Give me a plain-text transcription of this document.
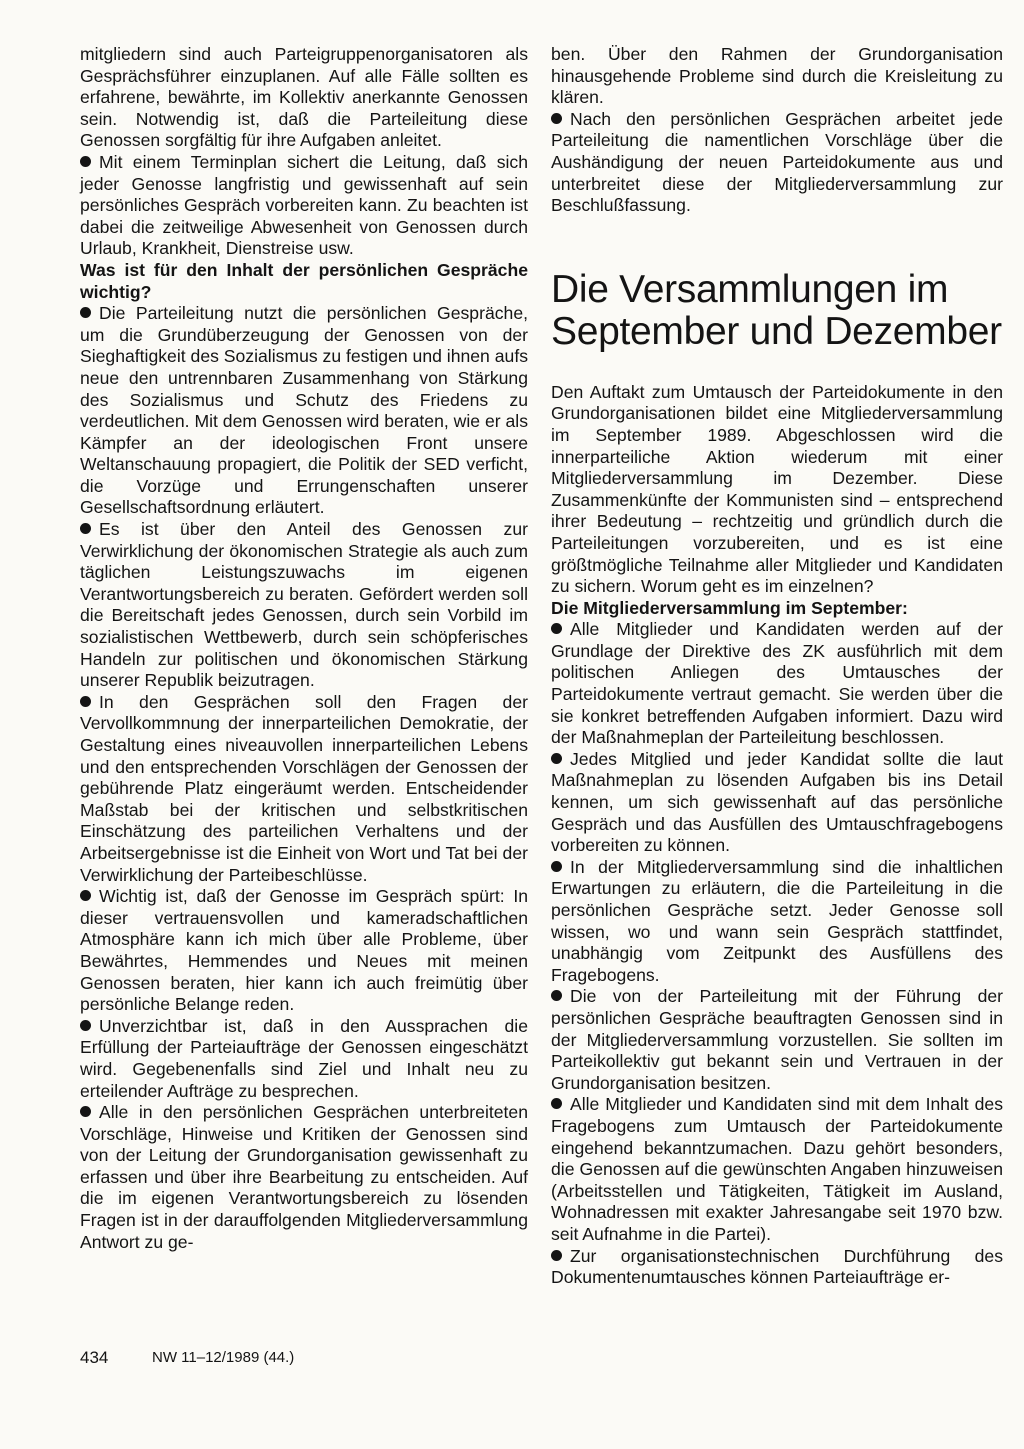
mitgliedern sind auch Parteigruppenorganisatoren als Gesprächsführer einzuplanen. Auf alle Fälle sollten es erfahrene, bewährte, im Kollektiv anerkannte Genossen sein. Notwendig ist, daß die Parteileitung diese Genossen sorgfältig für ihre Aufgaben anleitet.

Mit einem Terminplan sichert die Leitung, daß sich jeder Genosse langfristig und gewissenhaft auf sein persönliches Gespräch vorbereiten kann. Zu beachten ist dabei die zeitweilige Abwesenheit von Genossen durch Urlaub, Krankheit, Dienstreise usw.

Was ist für den Inhalt der persönlichen Gespräche wichtig?

Die Parteileitung nutzt die persönlichen Gespräche, um die Grundüberzeugung der Genossen von der Sieghaftigkeit des Sozialismus zu festigen und ihnen aufs neue den untrennbaren Zusammenhang von Stärkung des Sozialismus und Schutz des Friedens zu verdeutlichen. Mit dem Genossen wird beraten, wie er als Kämpfer an der ideologischen Front unsere Weltanschauung propagiert, die Politik der SED verficht, die Vorzüge und Errungenschaften unserer Gesellschaftsordnung erläutert.

Es ist über den Anteil des Genossen zur Verwirklichung der ökonomischen Strategie als auch zum täglichen Leistungszuwachs im eigenen Verantwortungsbereich zu beraten. Gefördert werden soll die Bereitschaft jedes Genossen, durch sein Vorbild im sozialistischen Wettbewerb, durch sein schöpferisches Handeln zur politischen und ökonomischen Stärkung unserer Republik beizutragen.

In den Gesprächen soll den Fragen der Vervollkommnung der innerparteilichen Demokratie, der Gestaltung eines niveauvollen innerparteilichen Lebens und den entsprechenden Vorschlägen der Genossen der gebührende Platz eingeräumt werden. Entscheidender Maßstab bei der kritischen und selbstkritischen Einschätzung des parteilichen Verhaltens und der Arbeitsergebnisse ist die Einheit von Wort und Tat bei der Verwirklichung der Parteibeschlüsse.

Wichtig ist, daß der Genosse im Gespräch spürt: In dieser vertrauensvollen und kameradschaftlichen Atmosphäre kann ich mich über alle Probleme, über Bewährtes, Hemmendes und Neues mit meinen Genossen beraten, hier kann ich auch freimütig über persönliche Belange reden.

Unverzichtbar ist, daß in den Aussprachen die Erfüllung der Parteiaufträge der Genossen eingeschätzt wird. Gegebenenfalls sind Ziel und Inhalt neu zu erteilender Aufträge zu besprechen.

Alle in den persönlichen Gesprächen unterbreiteten Vorschläge, Hinweise und Kritiken der Genossen sind von der Leitung der Grundorganisation gewissenhaft zu erfassen und über ihre Bearbeitung zu entscheiden. Auf die im eigenen Verantwortungsbereich zu lösenden Fragen ist in der darauffolgenden Mitgliederversammlung Antwort zu ge-

ben. Über den Rahmen der Grundorganisation hinausgehende Probleme sind durch die Kreisleitung zu klären.

Nach den persönlichen Gesprächen arbeitet jede Parteileitung die namentlichen Vorschläge über die Aushändigung der neuen Parteidokumente aus und unterbreitet diese der Mitgliederversammlung zur Beschlußfassung.

Die Versammlungen im September und Dezember

Den Auftakt zum Umtausch der Parteidokumente in den Grundorganisationen bildet eine Mitgliederversammlung im September 1989. Abgeschlossen wird die innerparteiliche Aktion wiederum mit einer Mitgliederversammlung im Dezember. Diese Zusammenkünfte der Kommunisten sind – entsprechend ihrer Bedeutung – rechtzeitig und gründlich durch die Parteileitungen vorzubereiten, und es ist eine größtmögliche Teilnahme aller Mitglieder und Kandidaten zu sichern. Worum geht es im einzelnen?

Die Mitgliederversammlung im September:

Alle Mitglieder und Kandidaten werden auf der Grundlage der Direktive des ZK ausführlich mit dem politischen Anliegen des Umtausches der Parteidokumente vertraut gemacht. Sie werden über die sie konkret betreffenden Aufgaben informiert. Dazu wird der Maßnahmeplan der Parteileitung beschlossen.

Jedes Mitglied und jeder Kandidat sollte die laut Maßnahmeplan zu lösenden Aufgaben bis ins Detail kennen, um sich gewissenhaft auf das persönliche Gespräch und das Ausfüllen des Umtauschfragebogens vorbereiten zu können.

In der Mitgliederversammlung sind die inhaltlichen Erwartungen zu erläutern, die die Parteileitung in die persönlichen Gespräche setzt. Jeder Genosse soll wissen, wo und wann sein Gespräch stattfindet, unabhängig vom Zeitpunkt des Ausfüllens des Fragebogens.

Die von der Parteileitung mit der Führung der persönlichen Gespräche beauftragten Genossen sind in der Mitgliederversammlung vorzustellen. Sie sollten im Parteikollektiv gut bekannt sein und Vertrauen in der Grundorganisation besitzen.

Alle Mitglieder und Kandidaten sind mit dem Inhalt des Fragebogens zum Umtausch der Parteidokumente eingehend bekanntzumachen. Dazu gehört besonders, die Genossen auf die gewünschten Angaben hinzuweisen (Arbeitsstellen und Tätigkeiten, Tätigkeit im Ausland, Wohnadressen mit exakter Jahresangabe seit 1970 bzw. seit Aufnahme in die Partei).

Zur organisationstechnischen Durchführung des Dokumentenumtausches können Parteiaufträge er-

434	NW 11–12/1989 (44.)
